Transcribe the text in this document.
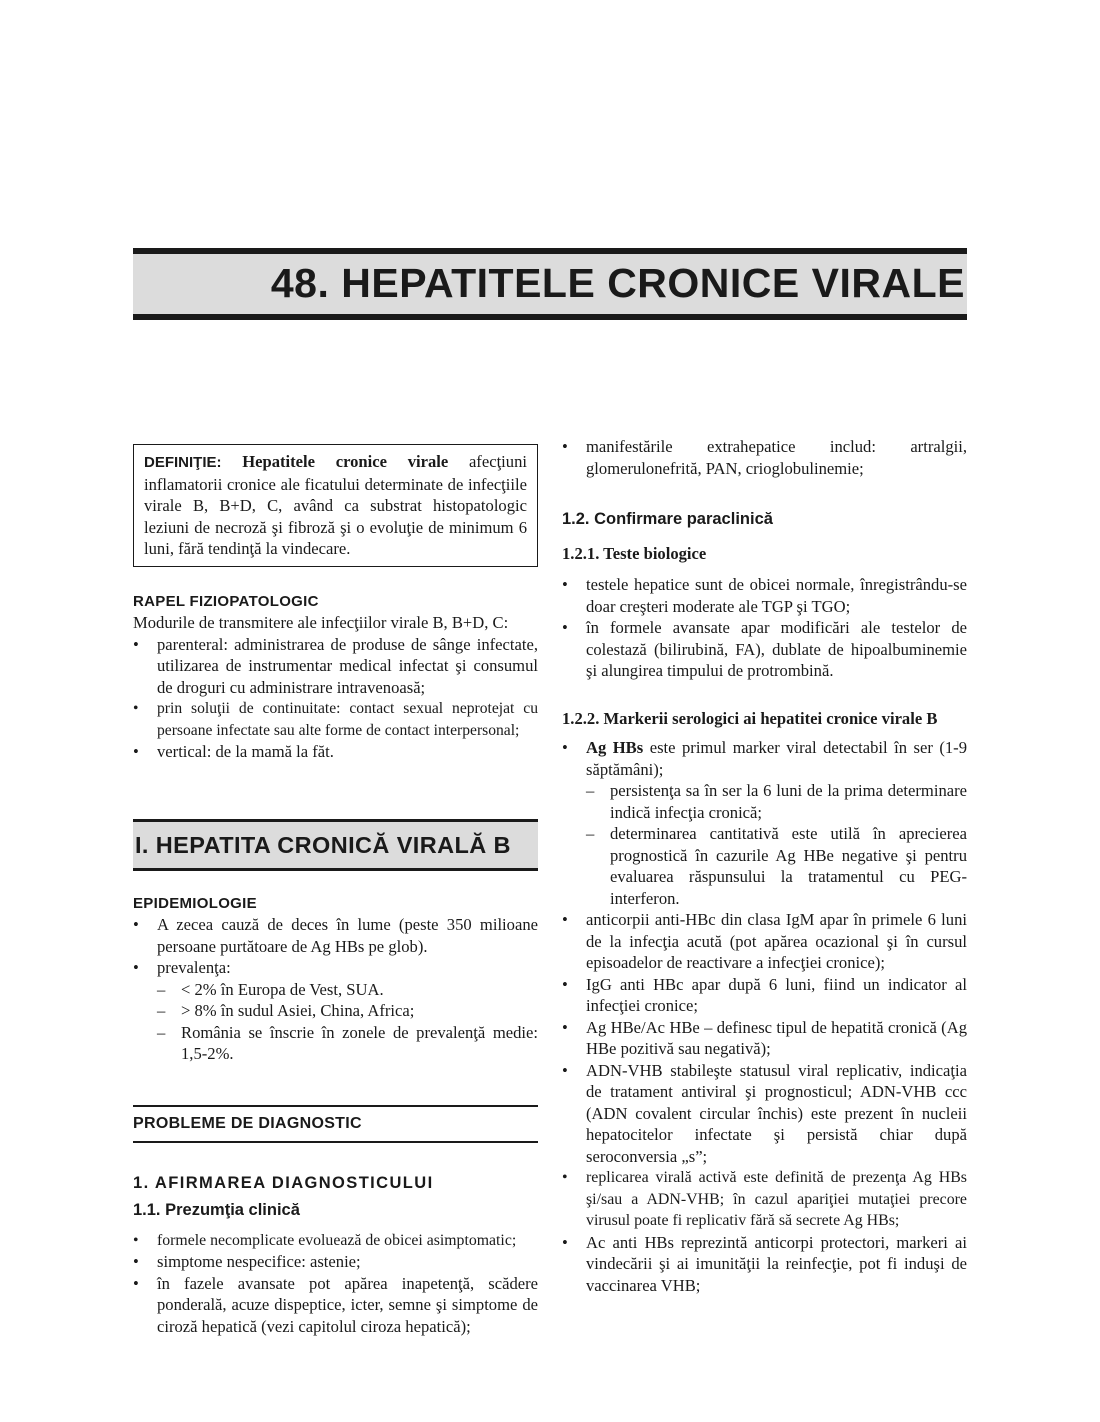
48. HEPATITELE CRONICE VIRALE
DEFINIŢIE: Hepatitele cronice virale afecţiuni inflamatorii cronice ale ficatului determinate de infecţiile virale B, B+D, C, având ca substrat histopatologic leziuni de necroză şi fibroză şi o evoluţie de minimum 6 luni, fără tendinţă la vindecare.
RAPEL FIZIOPATOLOGIC

Modurile de transmitere ale infecţiilor virale B, B+D, C:

• parenteral: administrarea de produse de sânge infectate, utilizarea de instrumentar medical infectat şi consumul de droguri cu administrare intravenoasă;
• prin soluţii de continuitate: contact sexual neprotejat cu persoane infectate sau alte forme de contact interpersonal;
• vertical: de la mamă la făt.
I. HEPATITA CRONICĂ VIRALĂ B
EPIDEMIOLOGIE
• A zecea cauză de deces în lume (peste 350 milioane persoane purtătoare de Ag HBs pe glob).
• prevalenţa:
– < 2% în Europa de Vest, SUA.
– > 8% în sudul Asiei, China, Africa;
– România se înscrie în zonele de prevalenţă medie: 1,5-2%.
PROBLEME DE DIAGNOSTIC
1. AFIRMAREA DIAGNOSTICULUI
1.1. Prezumţia clinică
• formele necomplicate evoluează de obicei asimptomatic;
• simptome nespecifice: astenie;
• în fazele avansate pot apărea inapetenţă, scădere ponderală, acuze dispeptice, icter, semne şi simptome de ciroză hepatică (vezi capitolul ciroza hepatică);
• manifestările extrahepatice includ: artralgii, glomerulonefrită, PAN, crioglobulinemie;
1.2. Confirmare paraclinică
1.2.1. Teste biologice
• testele hepatice sunt de obicei normale, înregistrându-se doar creşteri moderate ale TGP şi TGO;
• în formele avansate apar modificări ale testelor de colestază (bilirubină, FA), dublate de hipoalbuminemie şi alungirea timpului de protrombină.
1.2.2. Markerii serologici ai hepatitei cronice virale B
• Ag HBs este primul marker viral detectabil în ser (1-9 săptămâni);
– persistenţa sa în ser la 6 luni de la prima determinare indică infecţia cronică;
– determinarea cantitativă este utilă în aprecierea prognostică în cazurile Ag HBe negative şi pentru evaluarea răspunsului la tratamentul cu PEG-interferon.
• anticorpii anti-HBc din clasa IgM apar în primele 6 luni de la infecţia acută (pot apărea ocazional şi în cursul episoadelor de reactivare a infecţiei cronice);
• IgG anti HBc apar după 6 luni, fiind un indicator al infecţiei cronice;
• Ag HBe/Ac HBe – definesc tipul de hepatită cronică (Ag HBe pozitivă sau negativă);
• ADN-VHB stabileşte statusul viral replicativ, indicaţia de tratament antiviral şi prognosticul; ADN-VHB ccc (ADN covalent circular închis) este prezent în nucleii hepatocitelor infectate şi persistă chiar după seroconversia „s”;
• replicarea virală activă este definită de prezenţa Ag HBs şi/sau a ADN-VHB; în cazul apariţiei mutaţiei precore virusul poate fi replicativ fără să secrete Ag HBs;
• Ac anti HBs reprezintă anticorpi protectori, markeri ai vindecării şi ai imunităţii la reinfecţie, pot fi induşi de vaccinarea VHB;
